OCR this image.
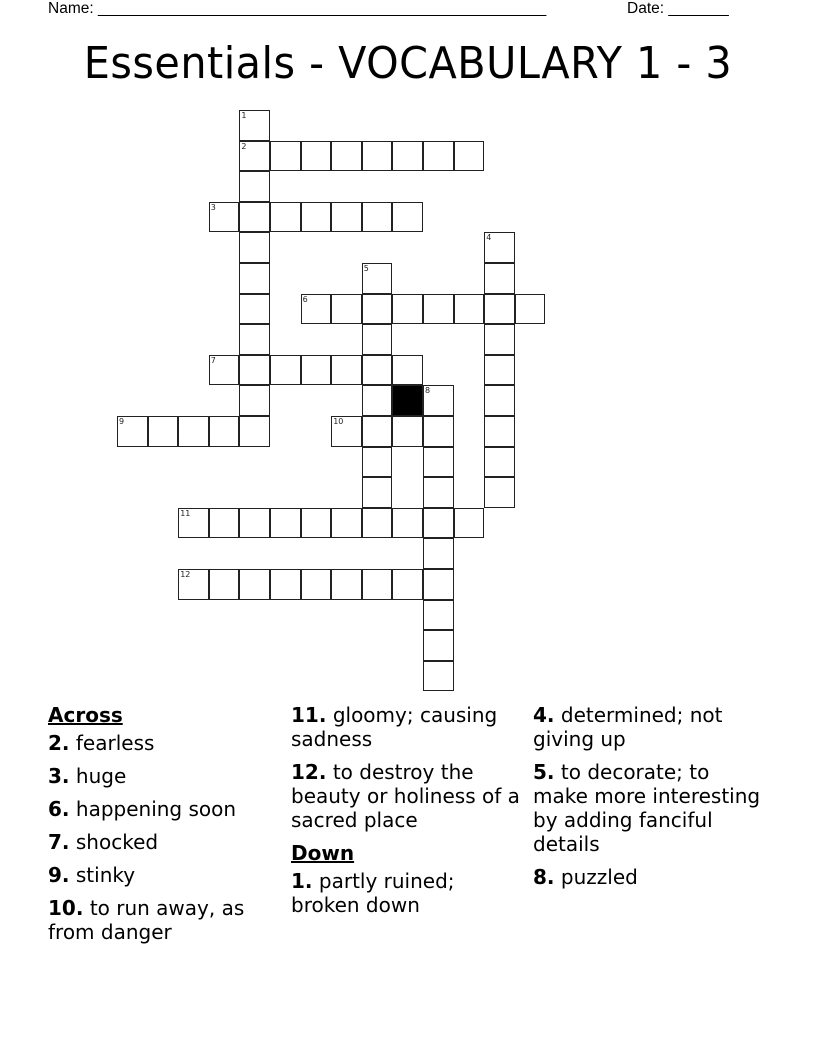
Name: ____________________________________________________	Date: _______
Essentials - VOCABULARY 1 - 3
1
2
3
4
5
6
7
8
9	10
11
12
Across
2. fearless
3. huge
6. happening soon
7. shocked
9. stinky
10. to run away, as from danger
11. gloomy; causing sadness
12. to destroy the beauty or holiness of a sacred place
Down
1. partly ruined; broken down
4. determined; not giving up
5. to decorate; to make more interesting by adding fanciful details
8. puzzled
